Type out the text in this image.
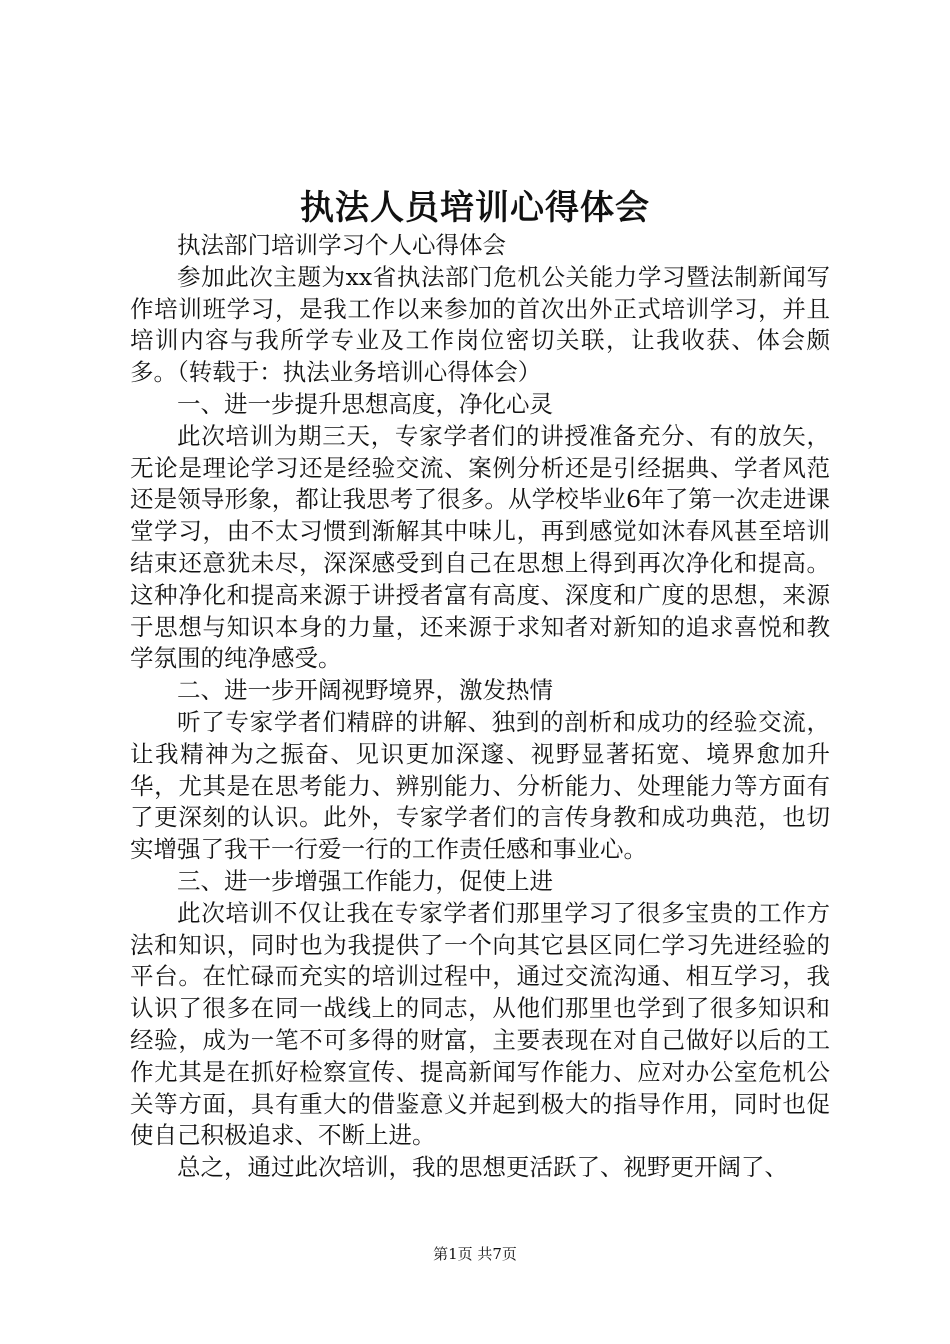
执法人员培训心得体会

执法部门培训学习个人心得体会

参加此次主题为xx省执法部门危机公关能力学习暨法制新闻写作培训班学习，是我工作以来参加的首次出外正式培训学习，并且培训内容与我所学专业及工作岗位密切关联，让我收获、体会颇多。（转载于：执法业务培训心得体会）

一、进一步提升思想高度，净化心灵

此次培训为期三天，专家学者们的讲授准备充分、有的放矢，无论是理论学习还是经验交流、案例分析还是引经据典、学者风范还是领导形象，都让我思考了很多。从学校毕业6年了第一次走进课堂学习，由不太习惯到渐解其中味儿，再到感觉如沐春风甚至培训结束还意犹未尽，深深感受到自己在思想上得到再次净化和提高。这种净化和提高来源于讲授者富有高度、深度和广度的思想，来源于思想与知识本身的力量，还来源于求知者对新知的追求喜悦和教学氛围的纯净感受。

二、进一步开阔视野境界，激发热情

听了专家学者们精辟的讲解、独到的剖析和成功的经验交流，让我精神为之振奋、见识更加深邃、视野显著拓宽、境界愈加升华，尤其是在思考能力、辨别能力、分析能力、处理能力等方面有了更深刻的认识。此外，专家学者们的言传身教和成功典范，也切实增强了我干一行爱一行的工作责任感和事业心。

三、进一步增强工作能力，促使上进

此次培训不仅让我在专家学者们那里学习了很多宝贵的工作方法和知识，同时也为我提供了一个向其它县区同仁学习先进经验的平台。在忙碌而充实的培训过程中，通过交流沟通、相互学习，我认识了很多在同一战线上的同志，从他们那里也学到了很多知识和经验，成为一笔不可多得的财富，主要表现在对自己做好以后的工作尤其是在抓好检察宣传、提高新闻写作能力、应对办公室危机公关等方面，具有重大的借鉴意义并起到极大的指导作用，同时也促使自己积极追求、不断上进。

总之，通过此次培训，我的思想更活跃了、视野更开阔了、

第1页 共7页
